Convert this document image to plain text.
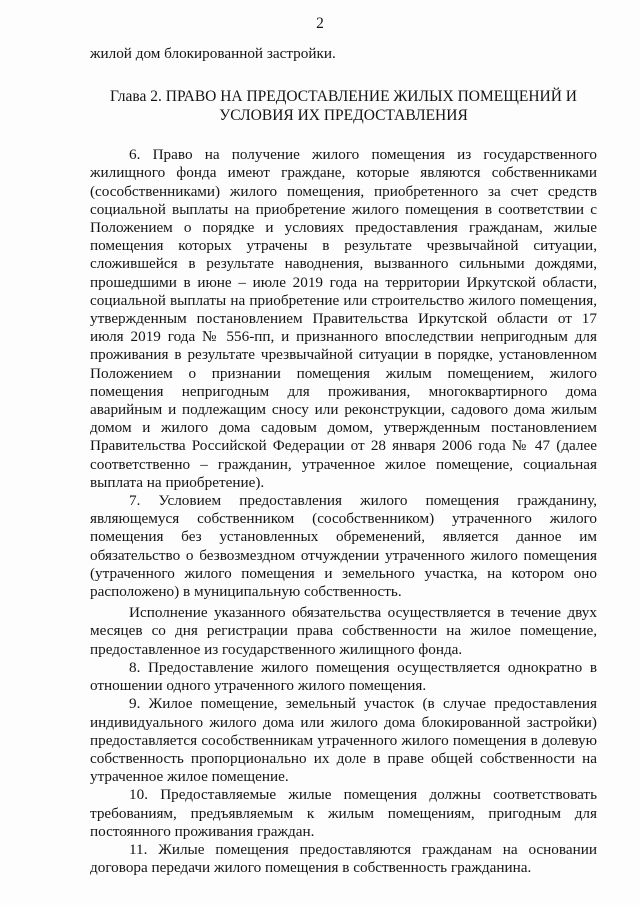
2

жилой дом блокированной застройки.

Глава 2. ПРАВО НА ПРЕДОСТАВЛЕНИЕ ЖИЛЫХ ПОМЕЩЕНИЙ И
УСЛОВИЯ ИХ ПРЕДОСТАВЛЕНИЯ

6. Право на получение жилого помещения из государственного жилищного фонда имеют граждане, которые являются собственниками (сособственниками) жилого помещения, приобретенного за счет средств социальной выплаты на приобретение жилого помещения в соответствии с Положением о порядке и условиях предоставления гражданам, жилые помещения которых утрачены в результате чрезвычайной ситуации, сложившейся в результате наводнения, вызванного сильными дождями, прошедшими в июне – июле 2019 года на территории Иркутской области, социальной выплаты на приобретение или строительство жилого помещения, утвержденным постановлением Правительства Иркутской области от 17 июля 2019 года № 556-пп, и признанного впоследствии непригодным для проживания в результате чрезвычайной ситуации в порядке, установленном Положением о признании помещения жилым помещением, жилого помещения непригодным для проживания, многоквартирного дома аварийным и подлежащим сносу или реконструкции, садового дома жилым домом и жилого дома садовым домом, утвержденным постановлением Правительства Российской Федерации от 28 января 2006 года № 47 (далее соответственно – гражданин, утраченное жилое помещение, социальная выплата на приобретение).

7. Условием предоставления жилого помещения гражданину, являющемуся собственником (сособственником) утраченного жилого помещения без установленных обременений, является данное им обязательство о безвозмездном отчуждении утраченного жилого помещения (утраченного жилого помещения и земельного участка, на котором оно расположено) в муниципальную собственность.

Исполнение указанного обязательства осуществляется в течение двух месяцев со дня регистрации права собственности на жилое помещение, предоставленное из государственного жилищного фонда.

8. Предоставление жилого помещения осуществляется однократно в отношении одного утраченного жилого помещения.

9. Жилое помещение, земельный участок (в случае предоставления индивидуального жилого дома или жилого дома блокированной застройки) предоставляется сособственникам утраченного жилого помещения в долевую собственность пропорционально их доле в праве общей собственности на утраченное жилое помещение.

10. Предоставляемые жилые помещения должны соответствовать требованиям, предъявляемым к жилым помещениям, пригодным для постоянного проживания граждан.

11. Жилые помещения предоставляются гражданам на основании договора передачи жилого помещения в собственность гражданина.
